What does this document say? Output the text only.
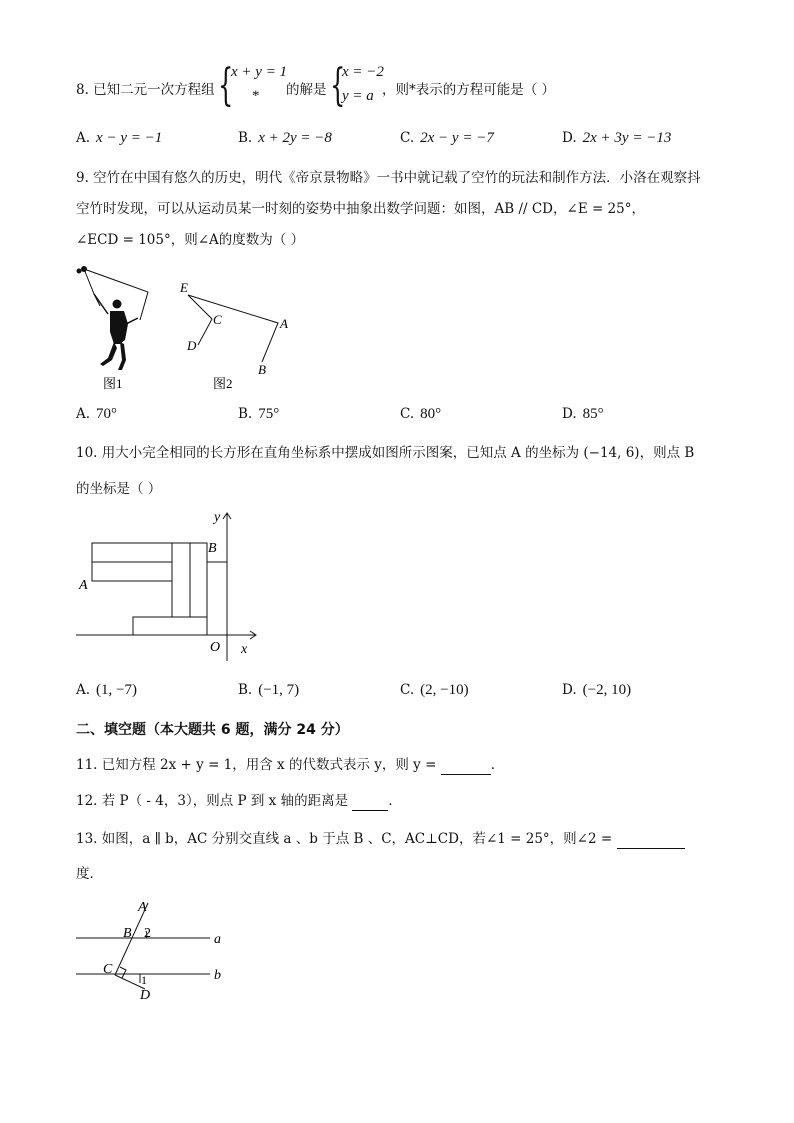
8. 已知二元一次方程组 {
x + y = 1
* 的解是 {
x = −2
y = a ，则*表示的方程可能是（ ）
A. x − y = −1	B. x + 2y = −8	C. 2x − y = −7	D. 2x + 3y = −13
9. 空竹在中国有悠久的历史，明代《帝京景物略》一书中就记载了空竹的玩法和制作方法．小洛在观察抖
空竹时发现，可以从运动员某一时刻的姿势中抽象出数学问题：如图，AB // CD，∠E = 25°，
∠ECD = 105°，则∠A的度数为（ ）
图1
E
C
D
A
B
图2
A. 70°	B. 75°	C. 80°	D. 85°
10. 用大小完全相同的长方形在直角坐标系中摆成如图所示图案，已知点 A 的坐标为 (−14, 6)，则点 B
的坐标是（ ）
y
B
A
O x
A. (1, −7)	B. (−1, 7)	C. (2, −10)	D. (−2, 10)
二、填空题（本大题共 6 题，满分 24 分）
11. 已知方程 2x + y = 1，用含 x 的代数式表示 y，则 y =	．
12. 若 P（ - 4，3），则点 P 到 x 轴的距离是	．
13. 如图，a ∥ b，AC 分别交直线 a 、b 于点 B 、C，AC⊥CD，若∠1 = 25°，则∠2 =
度．
A
B 2	a
C	b
1
D
